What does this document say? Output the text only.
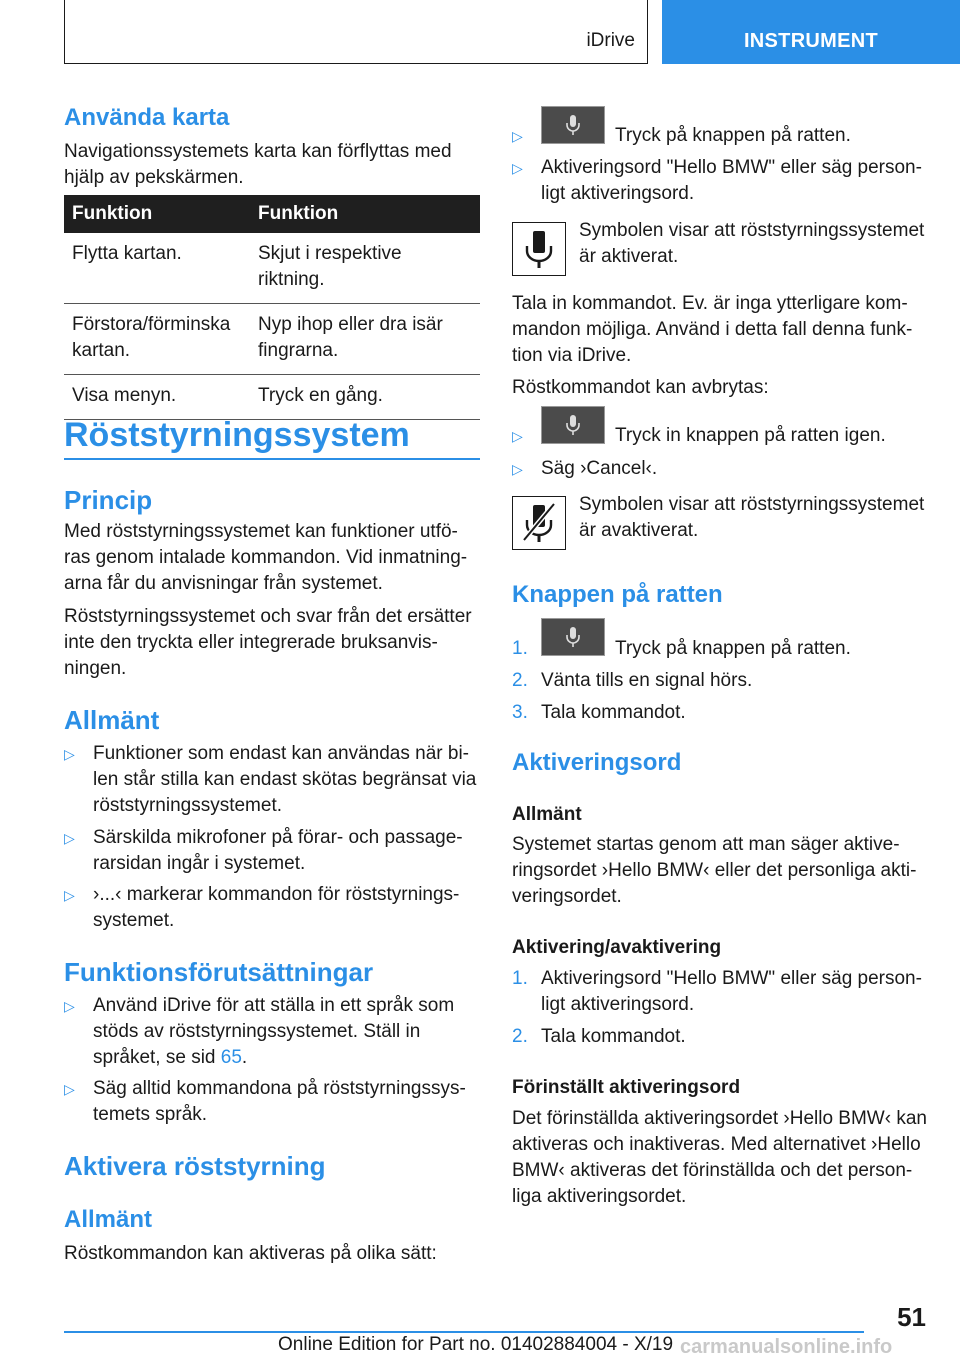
iDrive	INSTRUMENT
Använda karta
Navigationssystemets karta kan förflyttas med
hjälp av pekskärmen.
Funktion	Funktion
Flytta kartan.	Skjut i respektive riktning.
Förstora/förminska kartan.	Nyp ihop eller dra isär fingrarna.
Visa menyn.	Tryck en gång.
Röststyrningssystem
Princip
Med röststyrningssystemet kan funktioner utfö-
ras genom intalade kommandon. Vid inmatning-
arna får du anvisningar från systemet.
Röststyrningssystemet och svar från det ersätter
inte den tryckta eller integrerade bruksanvis-
ningen.
Allmänt
▷ Funktioner som endast kan användas när bi-
len står stilla kan endast skötas begränsat via
röststyrningssystemet.
▷ Särskilda mikrofoner på förar- och passage-
rarsidan ingår i systemet.
▷ ›...‹ markerar kommandon för röststyrnings-
systemet.
Funktionsförutsättningar
▷ Använd iDrive för att ställa in ett språk som
stöds av röststyrningssystemet. Ställ in
språket, se sid 65.
▷ Säg alltid kommandona på röststyrningssys-
temets språk.
Aktivera röststyrning
Allmänt
Röstkommandon kan aktiveras på olika sätt:
▷	Tryck på knappen på ratten.
▷ Aktiveringsord "Hello BMW" eller säg person-
ligt aktiveringsord.
Symbolen visar att röststyrningssystemet
är aktiverat.
Tala in kommandot. Ev. är inga ytterligare kom-
mandon möjliga. Använd i detta fall denna funk-
tion via iDrive.
Röstkommandot kan avbrytas:
▷	Tryck in knappen på ratten igen.
▷ Säg ›Cancel‹.
Symbolen visar att röststyrningssystemet
är avaktiverat.
Knappen på ratten
1.	Tryck på knappen på ratten.
2. Vänta tills en signal hörs.
3. Tala kommandot.
Aktiveringsord
Allmänt
Systemet startas genom att man säger aktive-
ringsordet ›Hello BMW‹ eller det personliga akti-
veringsordet.
Aktivering/avaktivering
1. Aktiveringsord "Hello BMW" eller säg person-
ligt aktiveringsord.
2. Tala kommandot.
Förinställt aktiveringsord
Det förinställda aktiveringsordet ›Hello BMW‹ kan
aktiveras och inaktiveras. Med alternativet ›Hello
BMW‹ aktiveras det förinställda och det person-
liga aktiveringsordet.
51
Online Edition for Part no. 01402884004 - X/19 carmanualsonline.info
